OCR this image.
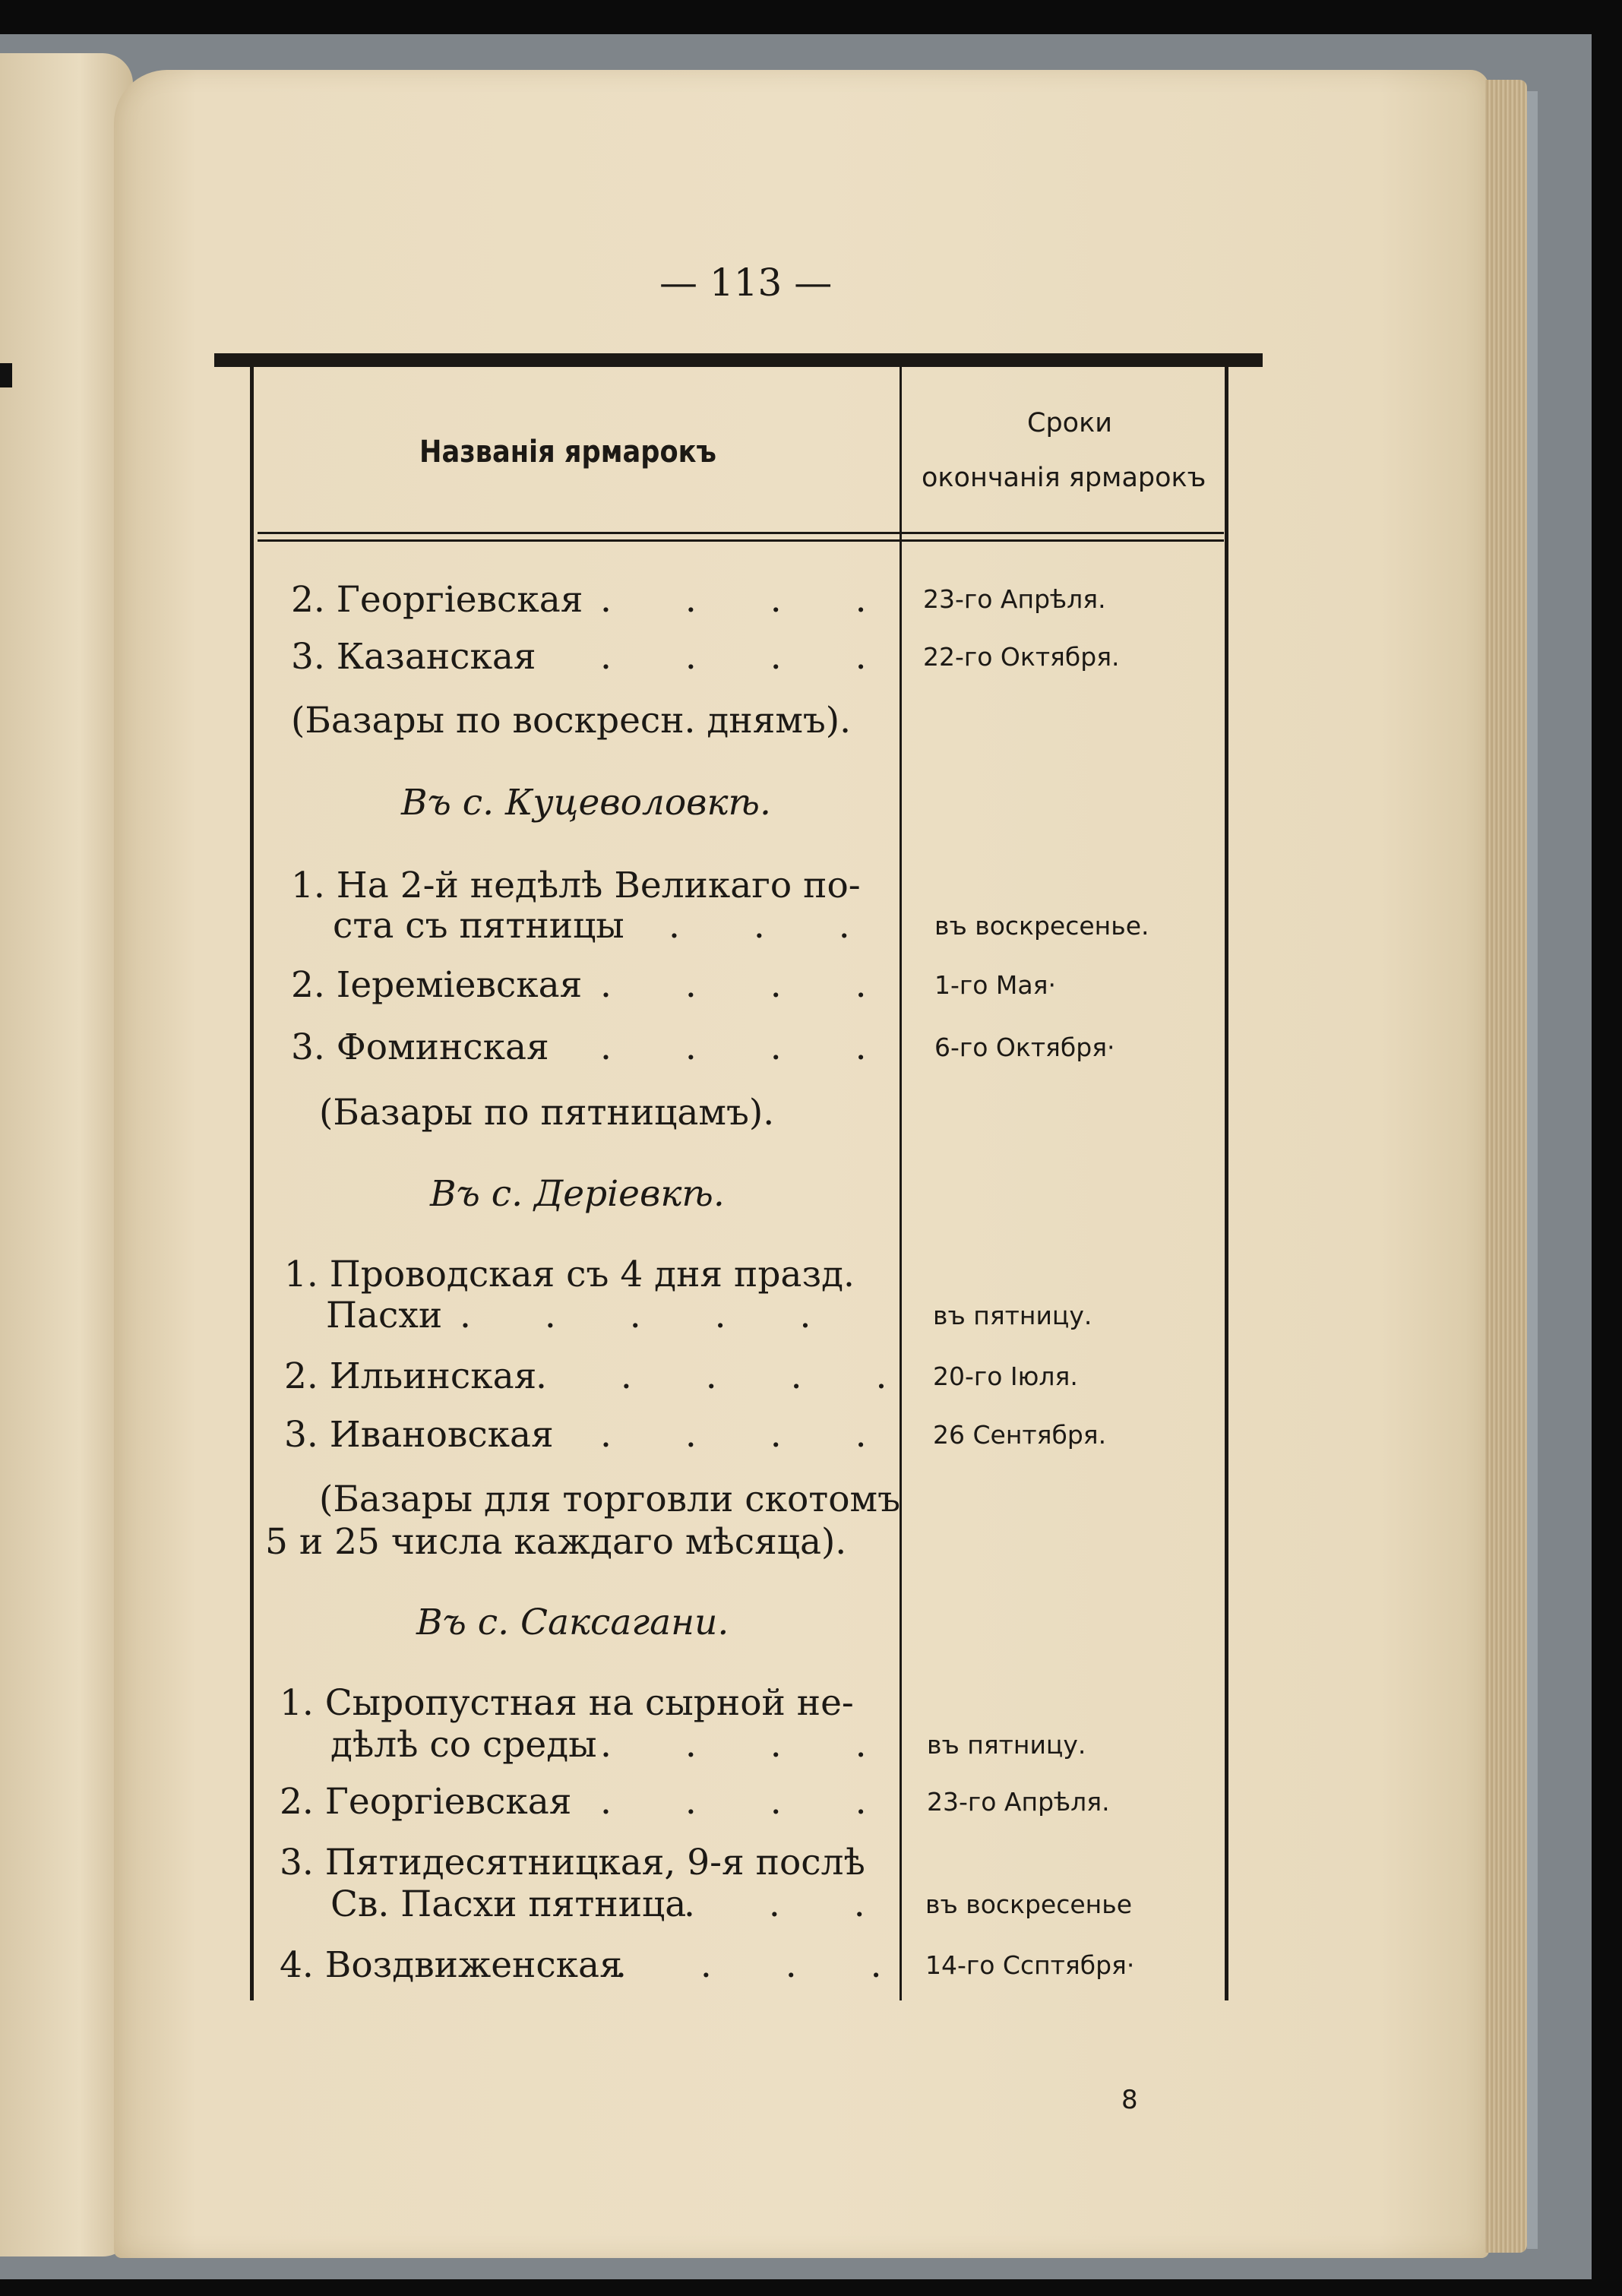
— 113 —
Названія ярмарокъ
Сроки
окончанія ярмарокъ
2. Георгіевская . . . . 23-го Апрѣля.
3. Казанская . . . . 22-го Октября.
(Базары по воскресн. днямъ).
Въ с. Куцеволовкѣ.
1. На 2-й недѣлѣ Великаго по-
ста съ пятницы . . . въ воскресенье.
2. Іеремiевская . . . . 1-го Мая·
3. Фоминская . . . . 6-го Октября·
(Базары по пятницамъ).
Въ с. Деріевкѣ.
1. Проводская съ 4 дня празд.
Пасхи . . . . .	въ пятницу.
2. Ильинская
. . . . . 20-го Іюля.
3. Ивановская . . . . 26 Сентября.
(Базары для торговли скотомъ
5 и 25 числа каждаго мѣсяца).
Въ с. Саксагани.
1. Сыропустная на сырной не-
дѣлѣ со среды . . . . въ пятницу.
2. Георгіевская . . . . 23-го Апрѣля.
3. Пятидесятницкая, 9-я послѣ
Св. Пасхи пятница
. . . въ воскресенье
4. Воздвиженская
. . . . 14-го Ссптября·
8
